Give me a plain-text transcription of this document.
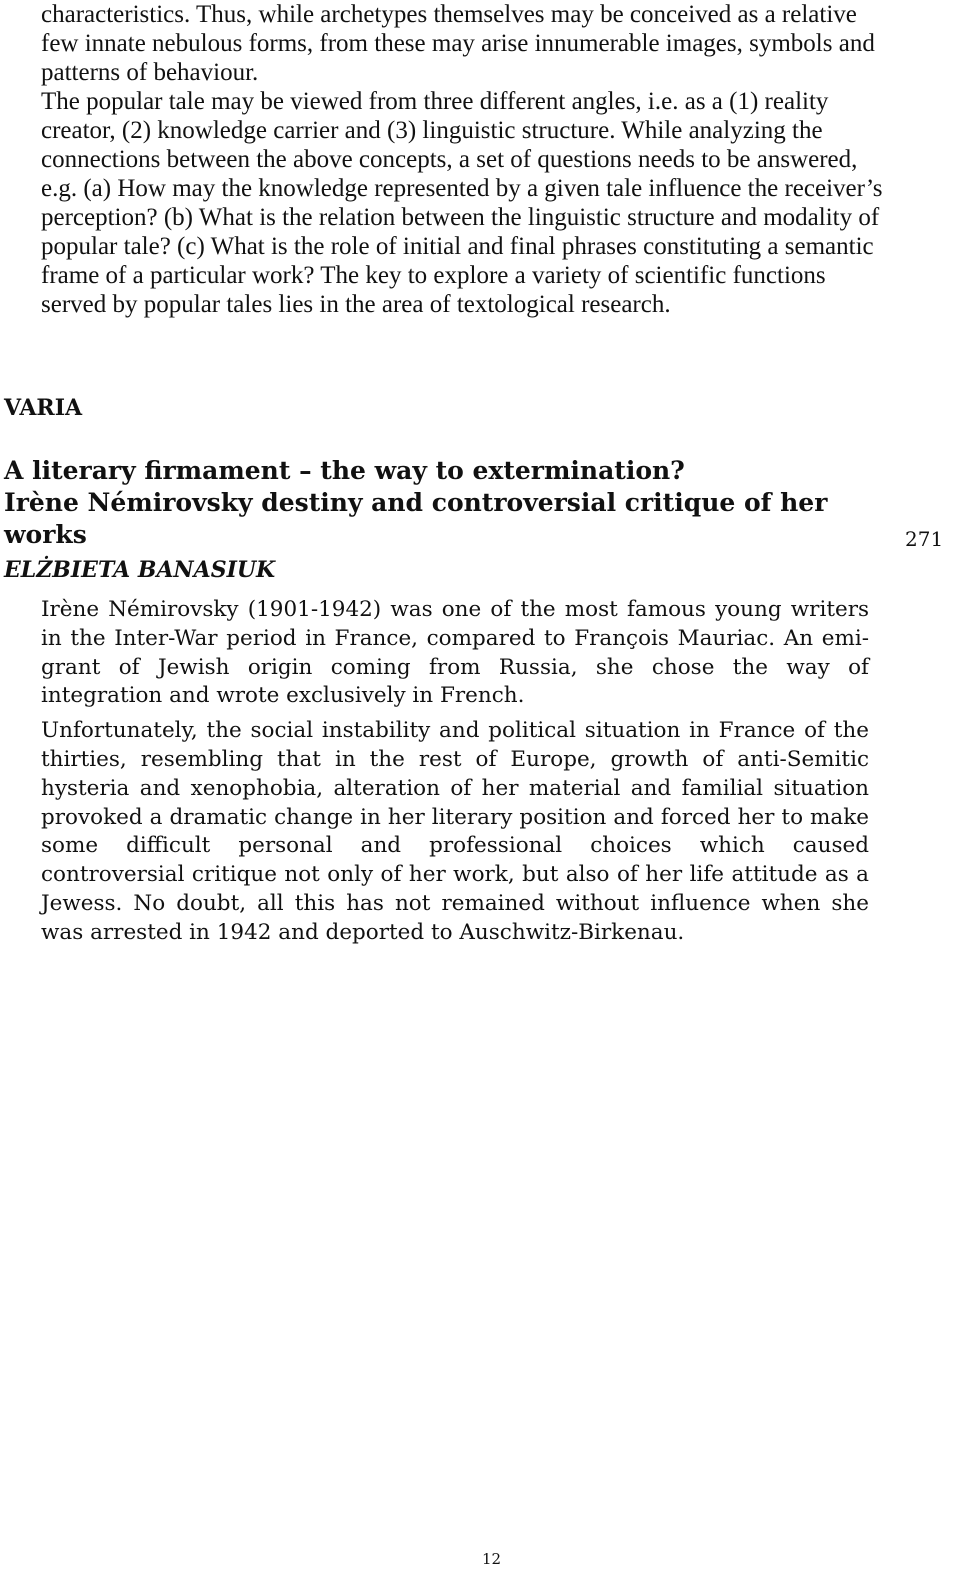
characteristics. Thus, while archetypes themselves may be conceived as a relative few innate nebulous forms, from these may arise innumerable images, symbols and patterns of behaviour.

The popular tale may be viewed from three different angles, i.e. as a (1) reality creator, (2) knowledge carrier and (3) linguistic structure. While analyzing the connections between the above concepts, a set of questions needs to be answered, e.g. (a) How may the knowledge represented by a given tale influence the receiver’s perception? (b) What is the relation between the linguistic structure and modality of popular tale? (c) What is the role of initial and final phrases constituting a semantic frame of a particular work? The key to explore a variety of scientific functions served by popular tales lies in the area of textological research.

VARIA
A literary firmament – the way to extermination?
Irène Némirovsky destiny and controversial critique of her
works	271
ELŻBIETA BANASIUK

Irène Némirovsky (1901-1942) was one of the most famous young writers in the Inter-War period in France, compared to François Mauriac. An emi-grant of Jewish origin coming from Russia, she chose the way of integration and wrote exclusively in French.

Unfortunately, the social instability and political situation in France of the thirties, resembling that in the rest of Europe, growth of anti-Semitic hysteria and xenophobia, alteration of her material and familial situation provoked a dramatic change in her literary position and forced her to make some difficult personal and professional choices which caused controversial critique not only of her work, but also of her life attitude as a Jewess. No doubt, all this has not remained without influence when she was arrested in 1942 and deported to Auschwitz-Birkenau.

12
